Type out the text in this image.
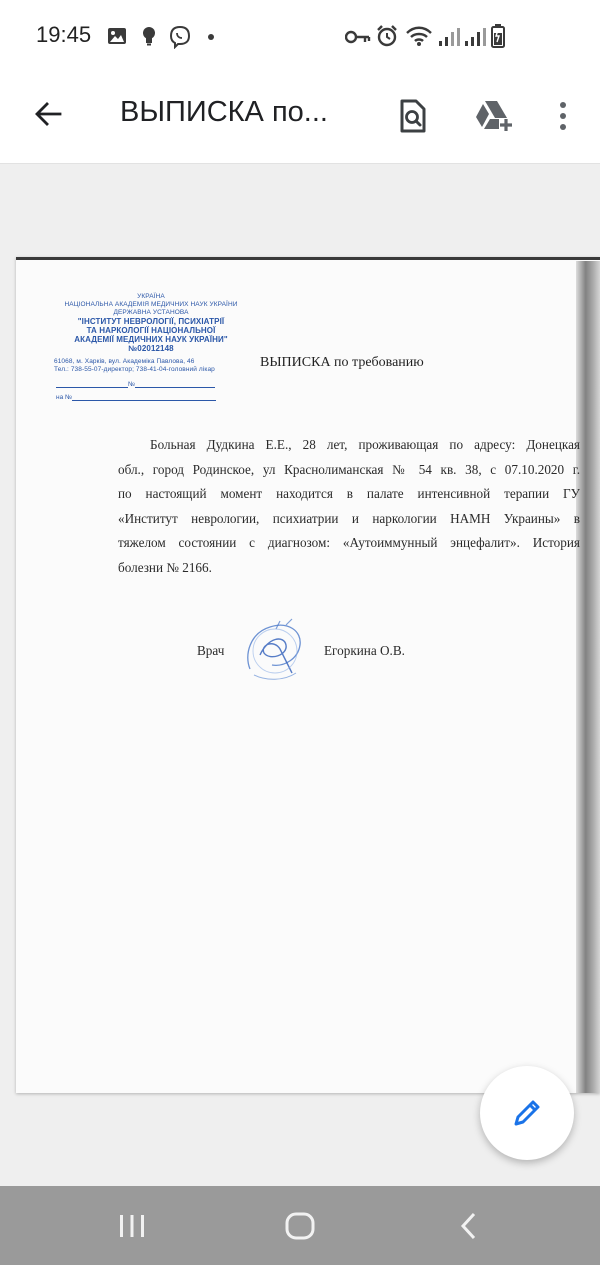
19:45
ВЫПИСКА по...
УКРАЇНА
НАЦІОНАЛЬНА АКАДЕМІЯ МЕДИЧНИХ НАУК УКРАЇНИ
ДЕРЖАВНА УСТАНОВА
"ІНСТИТУТ НЕВРОЛОГІЇ, ПСИХІАТРІЇ
ТА НАРКОЛОГІЇ НАЦІОНАЛЬНОЇ
АКАДЕМІЇ МЕДИЧНИХ НАУК УКРАЇНИ"
№02012148
61068, м. Харків, вул. Академіка Павлова, 46
Тел.: 738-55-07-директор; 738-41-04-головний лікар
№
на №
ВЫПИСКА по требованию
Больная Дудкина Е.Е., 28 лет, проживающая по адресу: Донецкая
обл., город Родинское, ул Краснолиманская № 54 кв. 38, с 07.10.2020 г.
по настоящий момент находится в палате интенсивной терапии ГУ
«Институт неврологии, психиатрии и наркологии НАМН Украины» в
тяжелом состоянии с диагнозом: «Аутоиммунный энцефалит». История
болезни № 2166.
Врач	Егоркина О.В.
